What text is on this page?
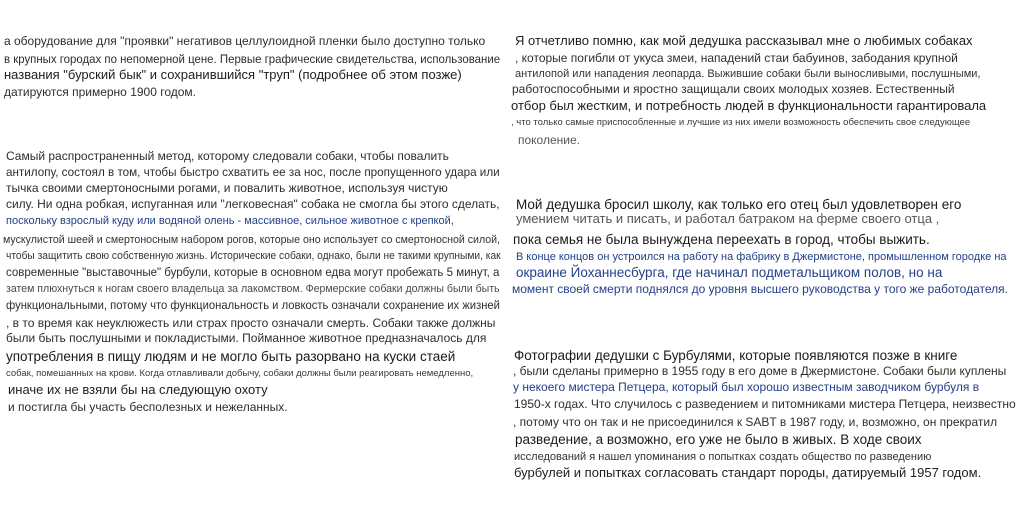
а оборудование для "проявки" негативов целлулоидной пленки было доступно только
в крупных городах по непомерной цене. Первые графические свидетельства, использование
названия "бурский бык" и сохранившийся "труп" (подробнее об этом позже)
датируются примерно 1900 годом.
Самый распространенный метод, которому следовали собаки, чтобы повалить
антилопу, состоял в том, чтобы быстро схватить ее за нос, после пропущенного удара или
тычка своими смертоносными рогами, и повалить животное, используя чистую
силу. Ни одна робкая, испуганная или "легковесная" собака не смогла бы этого сделать,
поскольку взрослый куду или водяной олень - массивное, сильное животное с крепкой,
мускулистой шеей и смертоносным набором рогов, которые оно использует со смертоносной силой,
чтобы защитить свою собственную жизнь. Исторические собаки, однако, были не такими крупными, как
современные "выставочные" бурбули, которые в основном едва могут пробежать 5 минут, а
затем плюхнуться к ногам своего владельца за лакомством. Фермерские собаки должны были быть
функциональными, потому что функциональность и ловкость означали сохранение их жизней
, в то время как неуклюжесть или страх просто означали смерть. Собаки также должны
были быть послушными и покладистыми. Пойманное животное предназначалось для
употребления в пищу людям и не могло быть разорвано на куски стаей
собак, помешанных на крови. Когда отлавливали добычу, собаки должны были реагировать немедленно,
иначе их не взяли бы на следующую охоту
и постигла бы участь бесполезных и нежеланных.
Я отчетливо помню, как мой дедушка рассказывал мне о любимых собаках
, которые погибли от укуса змеи, нападений стаи бабуинов, забодания крупной
антилопой или нападения леопарда. Выжившие собаки были выносливыми, послушными,
работоспособными и яростно защищали своих молодых хозяев. Естественный
отбор был жестким, и потребность людей в функциональности гарантировала
, что только самые приспособленные и лучшие из них имели возможность обеспечить свое следующее
поколение.
Мой дедушка бросил школу, как только его отец был удовлетворен его
умением читать и писать, и работал батраком на ферме своего отца ,
пока семья не была вынуждена переехать в город, чтобы выжить.
В конце концов он устроился на работу на фабрику в Джермистоне, промышленном городке на
окраине Йоханнесбурга, где начинал подметальщиком полов, но на
момент своей смерти поднялся до уровня высшего руководства у того же работодателя.
Фотографии дедушки с Бурбулями, которые появляются позже в книге
, были сделаны примерно в 1955 году в его доме в Джермистоне. Собаки были куплены
у некоего мистера Петцера, который был хорошо известным заводчиком бурбуля в
1950-х годах. Что случилось с разведением и питомниками мистера Петцера, неизвестно
, потому что он так и не присоединился к SABT в 1987 году, и, возможно, он прекратил
разведение, а возможно, его уже не было в живых. В ходе своих
исследований я нашел упоминания о попытках создать общество по разведению
бурбулей и попытках согласовать стандарт породы, датируемый 1957 годом.
